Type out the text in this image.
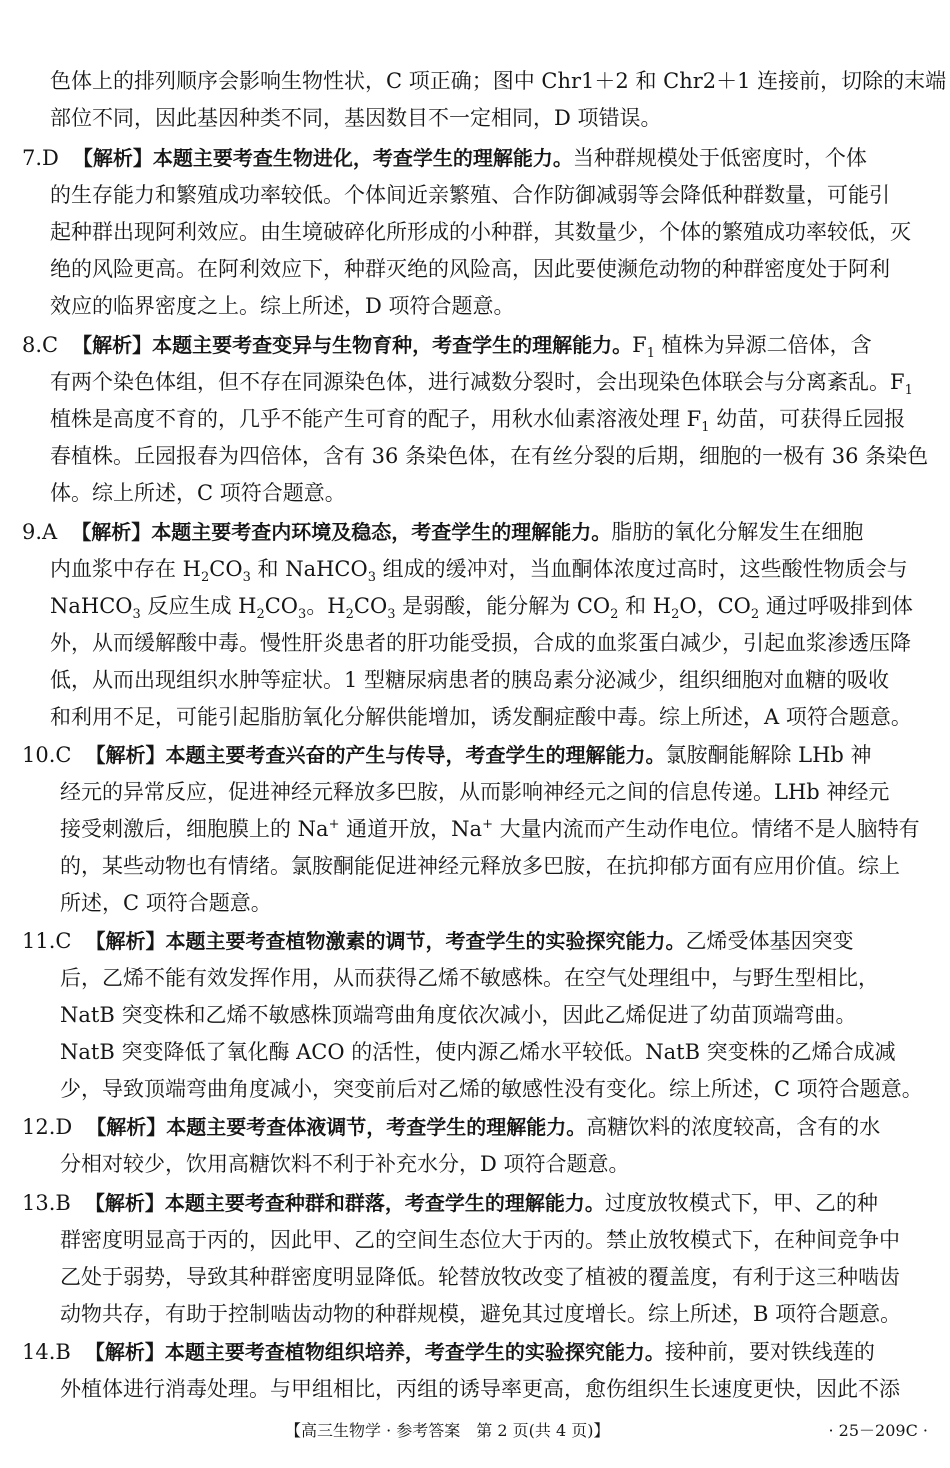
色体上的排列顺序会影响生物性状，C 项正确；图中 Chr1＋2 和 Chr2＋1 连接前，切除的末端
部位不同，因此基因种类不同，基因数目不一定相同，D 项错误。
7.D 【解析】本题主要考查生物进化，考查学生的理解能力。当种群规模处于低密度时，个体
的生存能力和繁殖成功率较低。个体间近亲繁殖、合作防御减弱等会降低种群数量，可能引
起种群出现阿利效应。由生境破碎化所形成的小种群，其数量少，个体的繁殖成功率较低，灭
绝的风险更高。在阿利效应下，种群灭绝的风险高，因此要使濒危动物的种群密度处于阿利
效应的临界密度之上。综上所述，D 项符合题意。
8.C 【解析】本题主要考查变异与生物育种，考查学生的理解能力。$F_1$ 植株为异源二倍体，含
有两个染色体组，但不存在同源染色体，进行减数分裂时，会出现染色体联会与分离紊乱。$F_1$
植株是高度不育的，几乎不能产生可育的配子，用秋水仙素溶液处理 $F_1$ 幼苗，可获得丘园报
春植株。丘园报春为四倍体，含有 36 条染色体，在有丝分裂的后期，细胞的一极有 36 条染色
体。综上所述，C 项符合题意。
9.A 【解析】本题主要考查内环境及稳态，考查学生的理解能力。脂肪的氧化分解发生在细胞
内血浆中存在 $H_2CO_3$ 和 NaHCO$_3$ 组成的缓冲对，当血酮体浓度过高时，这些酸性物质会与
NaHCO$_3$ 反应生成 $H_2CO_3$。$H_2CO_3$ 是弱酸，能分解为 $CO_2$ 和 $H_2O$，$CO_2$ 通过呼吸排到体
外，从而缓解酸中毒。慢性肝炎患者的肝功能受损，合成的血浆蛋白减少，引起血浆渗透压降
低，从而出现组织水肿等症状。1 型糖尿病患者的胰岛素分泌减少，组织细胞对血糖的吸收
和利用不足，可能引起脂肪氧化分解供能增加，诱发酮症酸中毒。综上所述，A 项符合题意。
10.C 【解析】本题主要考查兴奋的产生与传导，考查学生的理解能力。氯胺酮能解除 LHb 神
经元的异常反应，促进神经元释放多巴胺，从而影响神经元之间的信息传递。LHb 神经元
接受刺激后，细胞膜上的 Na+ 通道开放，Na+ 大量内流而产生动作电位。情绪不是人脑特有
的，某些动物也有情绪。氯胺酮能促进神经元释放多巴胺，在抗抑郁方面有应用价值。综上
所述，C 项符合题意。
11.C 【解析】本题主要考查植物激素的调节，考查学生的实验探究能力。乙烯受体基因突变
后，乙烯不能有效发挥作用，从而获得乙烯不敏感株。在空气处理组中，与野生型相比，
NatB 突变株和乙烯不敏感株顶端弯曲角度依次减小，因此乙烯促进了幼苗顶端弯曲。
NatB 突变降低了氧化酶 ACO 的活性，使内源乙烯水平较低。NatB 突变株的乙烯合成减
少，导致顶端弯曲角度减小，突变前后对乙烯的敏感性没有变化。综上所述，C 项符合题意。
12.D 【解析】本题主要考查体液调节，考查学生的理解能力。高糖饮料的浓度较高，含有的水
分相对较少，饮用高糖饮料不利于补充水分，D 项符合题意。
13.B 【解析】本题主要考查种群和群落，考查学生的理解能力。过度放牧模式下，甲、乙的种
群密度明显高于丙的，因此甲、乙的空间生态位大于丙的。禁止放牧模式下，在种间竞争中
乙处于弱势，导致其种群密度明显降低。轮替放牧改变了植被的覆盖度，有利于这三种啮齿
动物共存，有助于控制啮齿动物的种群规模，避免其过度增长。综上所述，B 项符合题意。
14.B 【解析】本题主要考查植物组织培养，考查学生的实验探究能力。接种前，要对铁线莲的
外植体进行消毒处理。与甲组相比，丙组的诱导率更高，愈伤组织生长速度更快，因此不添
【高三生物学 · 参考答案　第 2 页(共 4 页)】	· 25－209C ·
